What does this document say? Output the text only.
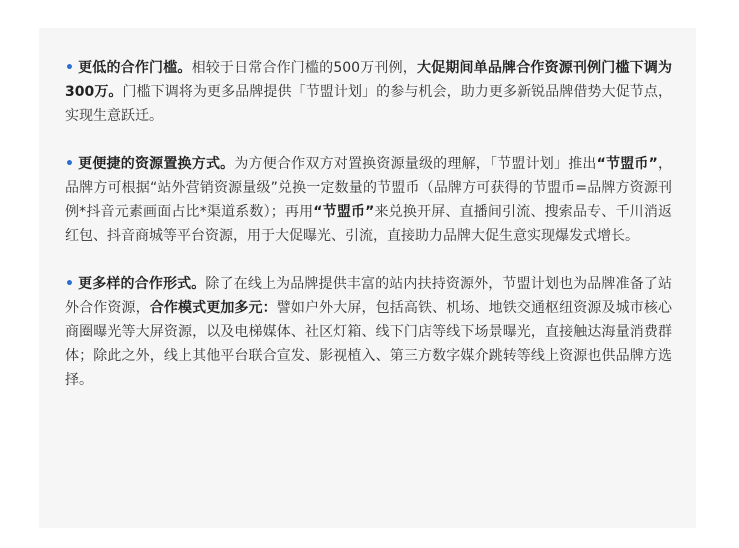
• 更低的合作门槛。相较于日常合作门槛的500万刊例，大促期间单品牌合作资源刊例门槛下调为300万。门槛下调将为更多品牌提供「节盟计划」的参与机会，助力更多新锐品牌借势大促节点，实现生意跃迁。

• 更便捷的资源置换方式。为方便合作双方对置换资源量级的理解，「节盟计划」推出“节盟币”，品牌方可根据“站外营销资源量级”兑换一定数量的节盟币（品牌方可获得的节盟币=品牌方资源刊例*抖音元素画面占比*渠道系数）；再用“节盟币”来兑换开屏、直播间引流、搜索品专、千川消返红包、抖音商城等平台资源，用于大促曝光、引流，直接助力品牌大促生意实现爆发式增长。

• 更多样的合作形式。除了在线上为品牌提供丰富的站内扶持资源外，节盟计划也为品牌准备了站外合作资源，合作模式更加多元：譬如户外大屏，包括高铁、机场、地铁交通枢纽资源及城市核心商圈曝光等大屏资源，以及电梯媒体、社区灯箱、线下门店等线下场景曝光，直接触达海量消费群体；除此之外，线上其他平台联合宣发、影视植入、第三方数字媒介跳转等线上资源也供品牌方选择。
